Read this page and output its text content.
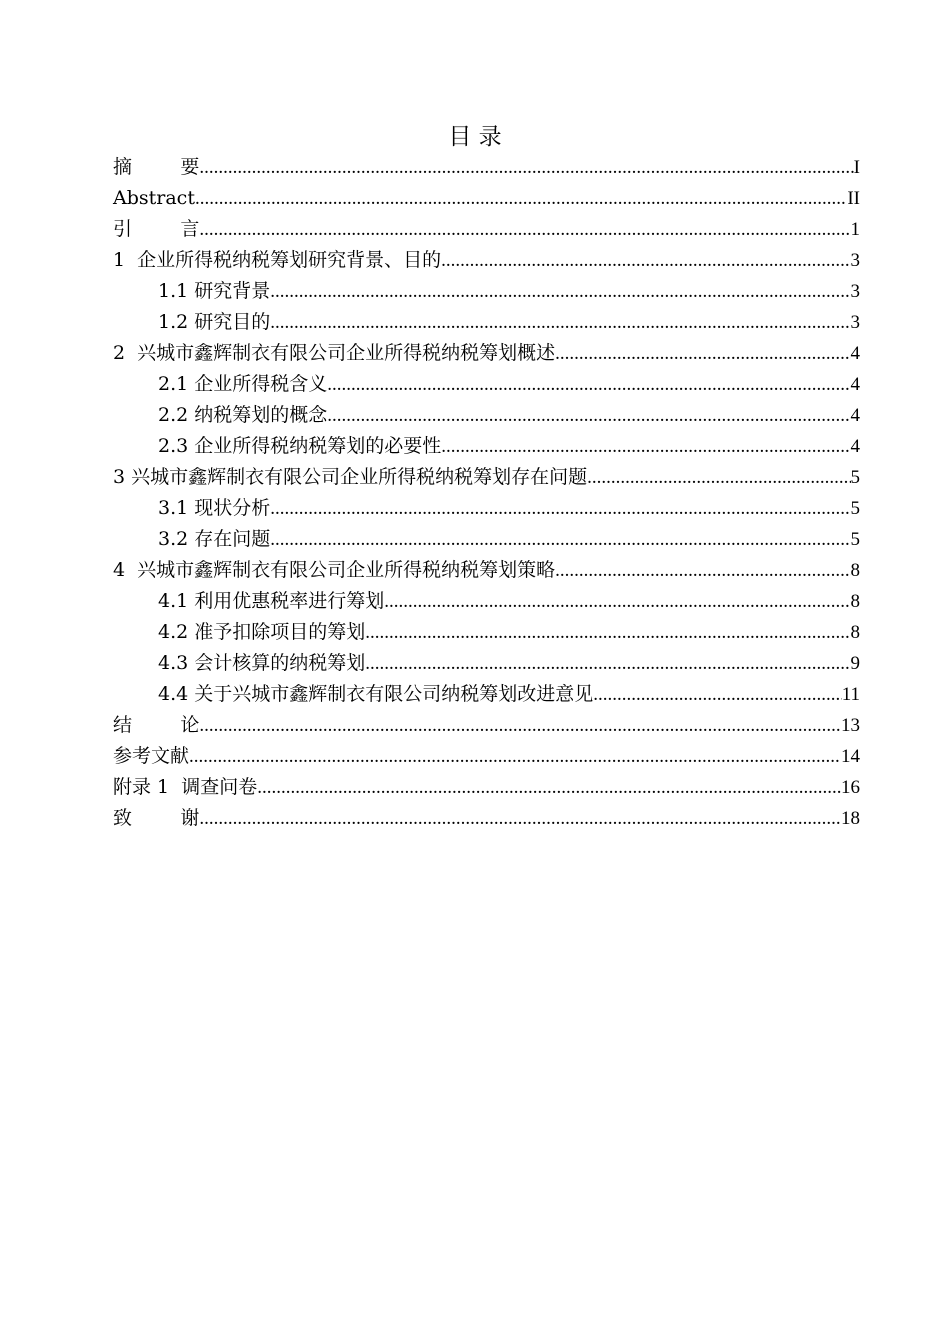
目 录
摘        要 .....	I
Abstract .....	II
引        言 .....	1
1  企业所得税纳税筹划研究背景、目的 .....	3
1.1 研究背景 .....	3
1.2 研究目的 .....	3
2  兴城市鑫辉制衣有限公司企业所得税纳税筹划概述 .....	4
2.1 企业所得税含义 .....	4
2.2 纳税筹划的概念 .....	4
2.3 企业所得税纳税筹划的必要性 .....	4
3 兴城市鑫辉制衣有限公司企业所得税纳税筹划存在问题 .....	5
3.1 现状分析 .....	5
3.2 存在问题 .....	5
4  兴城市鑫辉制衣有限公司企业所得税纳税筹划策略 .....	8
4.1 利用优惠税率进行筹划 .....	8
4.2 准予扣除项目的筹划 .....	8
4.3 会计核算的纳税筹划 .....	9
4.4 关于兴城市鑫辉制衣有限公司纳税筹划改进意见 .....	11
结        论 .....	13
参考文献 .....	14
附录 1  调查问卷 .....	16
致        谢 .....	18
